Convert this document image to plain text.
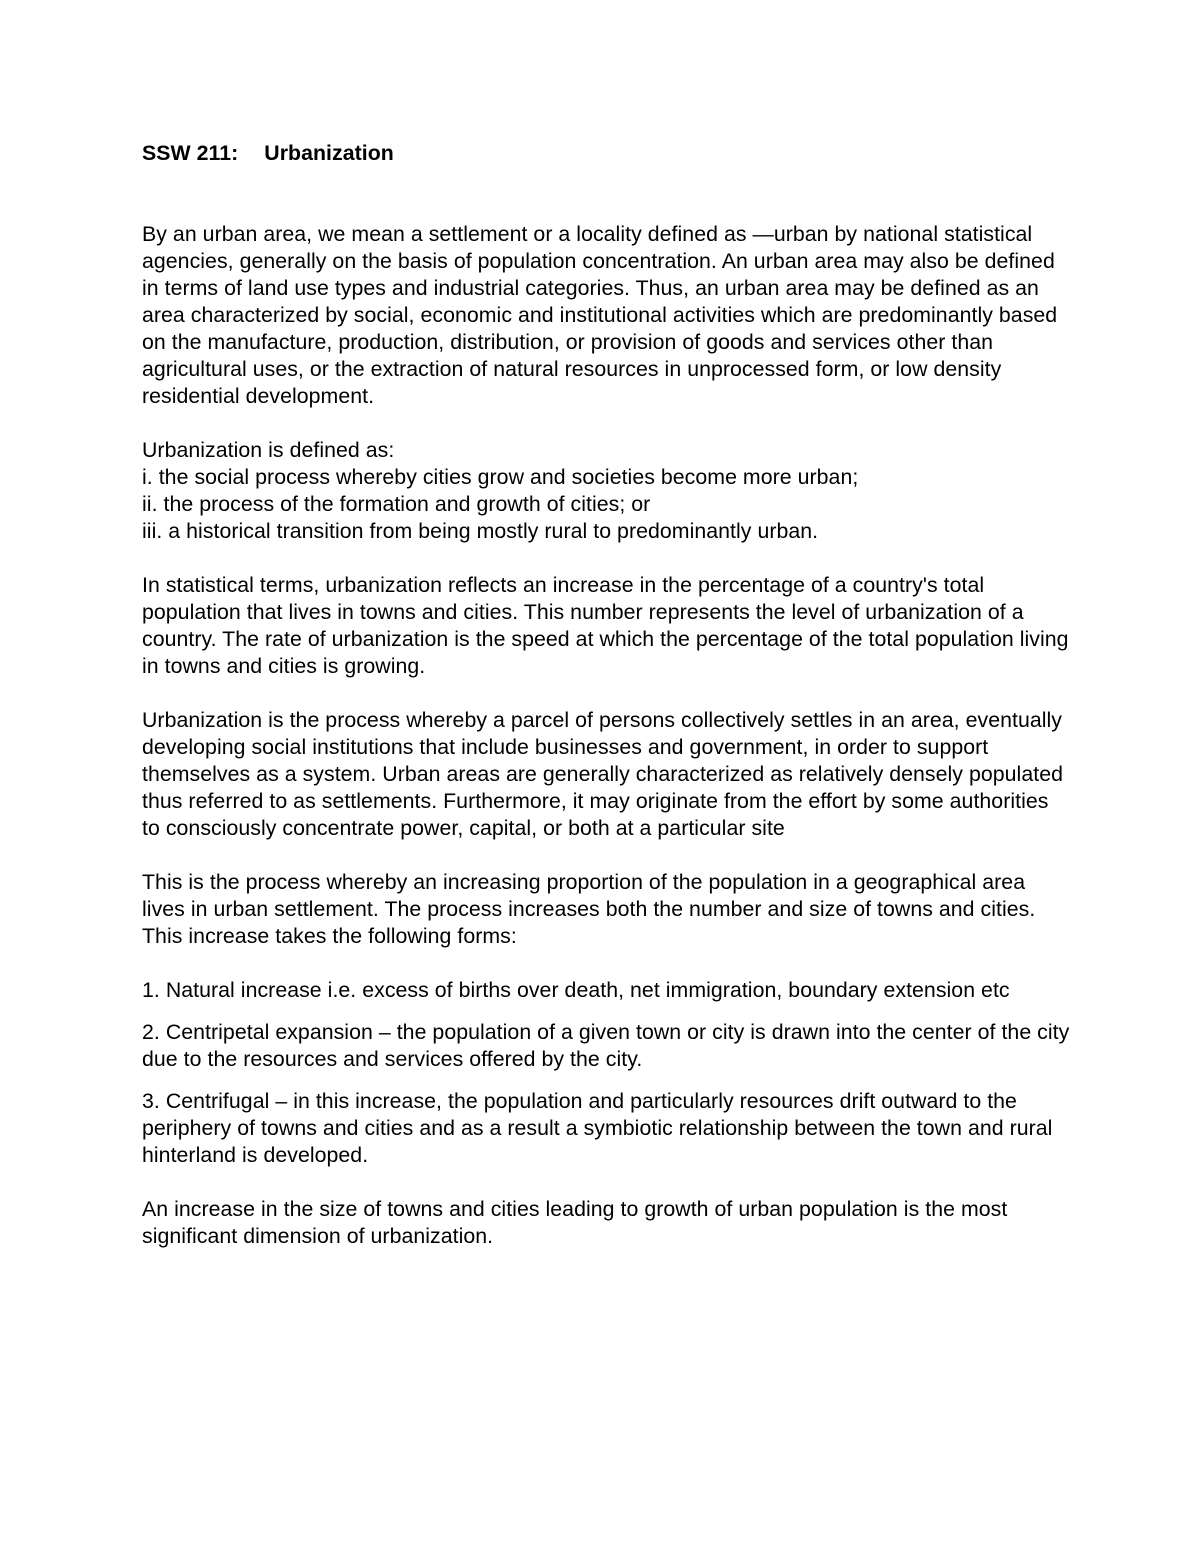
SSW 211: Urbanization

By an urban area, we mean a settlement or a locality defined as —urban by national statistical agencies, generally on the basis of population concentration. An urban area may also be defined in terms of land use types and industrial categories. Thus, an urban area may be defined as an area characterized by social, economic and institutional activities which are predominantly based on the manufacture, production, distribution, or provision of goods and services other than agricultural uses, or the extraction of natural resources in unprocessed form, or low density residential development.

Urbanization is defined as:
i. the social process whereby cities grow and societies become more urban;
ii. the process of the formation and growth of cities; or
iii. a historical transition from being mostly rural to predominantly urban.

In statistical terms, urbanization reflects an increase in the percentage of a country's total population that lives in towns and cities. This number represents the level of urbanization of a country. The rate of urbanization is the speed at which the percentage of the total population living in towns and cities is growing.

Urbanization is the process whereby a parcel of persons collectively settles in an area, eventually developing social institutions that include businesses and government, in order to support themselves as a system. Urban areas are generally characterized as relatively densely populated thus referred to as settlements. Furthermore, it may originate from the effort by some authorities to consciously concentrate power, capital, or both at a particular site

This is the process whereby an increasing proportion of the population in a geographical area lives in urban settlement. The process increases both the number and size of towns and cities. This increase takes the following forms:

1. Natural increase i.e. excess of births over death, net immigration, boundary extension etc
2. Centripetal expansion – the population of a given town or city is drawn into the center of the city due to the resources and services offered by the city.
3. Centrifugal – in this increase, the population and particularly resources drift outward to the periphery of towns and cities and as a result a symbiotic relationship between the town and rural hinterland is developed.

An increase in the size of towns and cities leading to growth of urban population is the most significant dimension of urbanization.
